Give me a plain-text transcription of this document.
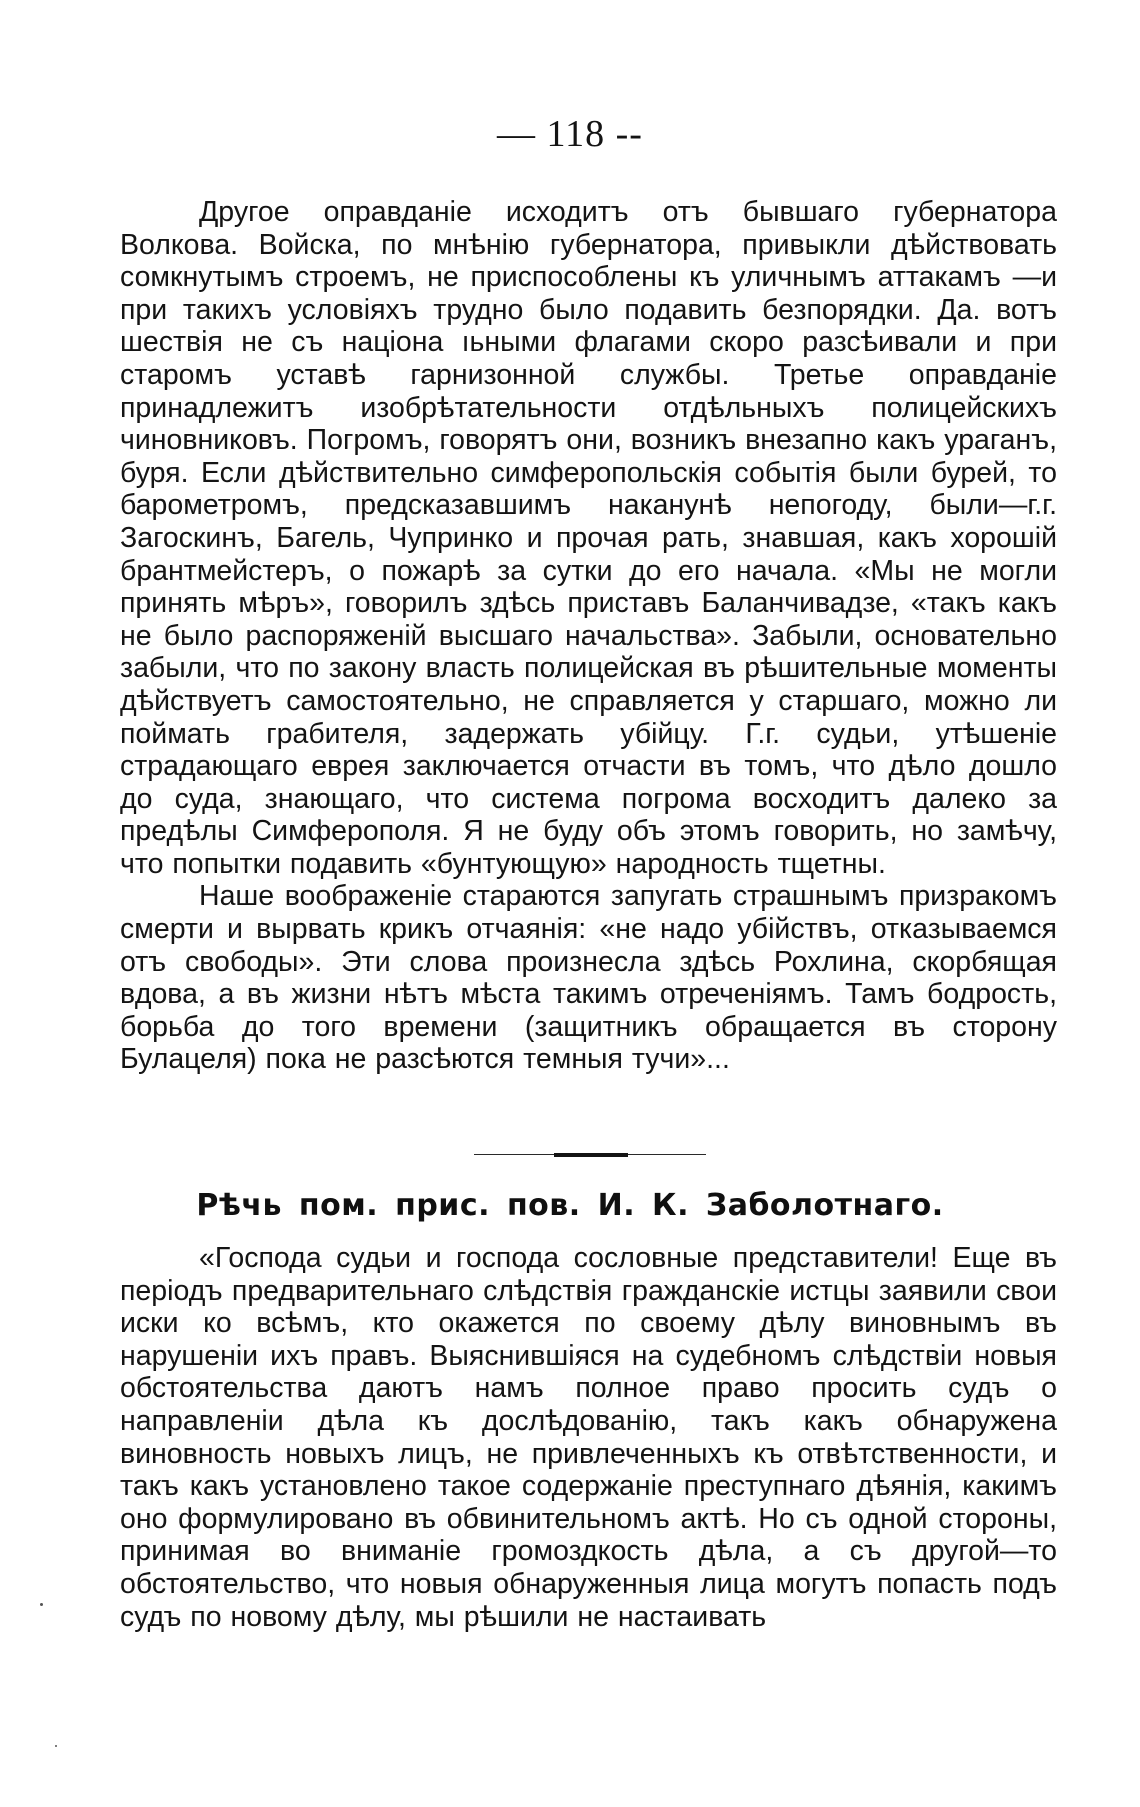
— 118 --

Другое оправданіе исходитъ отъ бывшаго губернатора Волкова. Войска, по мнѣнію губернатора, привыкли дѣйствовать сомкнутымъ строемъ, не приспособлены къ уличнымъ аттакамъ —и при такихъ условіяхъ трудно было подавить безпорядки. Да. вотъ шествія не съ націона ıьными флагами скоро разсѣивали и при старомъ уставѣ гарнизонной службы. Третье оправданіе принадлежитъ изобрѣтательности отдѣльныхъ полицейскихъ чиновниковъ. Погромъ, говорятъ они, возникъ внезапно какъ ураганъ, буря. Если дѣйствительно симферопольскія событія были бурей, то барометромъ, предсказавшимъ наканунѣ непогоду, были—г.г. Загоскинъ, Багель, Чупринко и прочая рать, знавшая, какъ хорошій брантмейстеръ, о пожарѣ за сутки до его начала. «Мы не могли принять мѣръ», говорилъ здѣсь приставъ Баланчивадзе, «такъ какъ не было распоряженій высшаго начальства». Забыли, основательно забыли, что по закону власть полицейская въ рѣшительные моменты дѣйствуетъ самостоятельно, не справляется у старшаго, можно ли поймать грабителя, задержать убійцу. Г.г. судьи, утѣшеніе страдающаго еврея заключается отчасти въ томъ, что дѣло дошло до суда, знающаго, что система погрома восходитъ далеко за предѣлы Симферополя. Я не буду объ этомъ говорить, но замѣчу, что попытки подавить «бунтующую» народность тщетны.

Наше воображеніе стараются запугать страшнымъ призракомъ смерти и вырвать крикъ отчаянія: «не надо убійствъ, отказываемся отъ свободы». Эти слова произнесла здѣсь Рохлина, скорбящая вдова, а въ жизни нѣтъ мѣста такимъ отреченіямъ. Тамъ бодрость, борьба до того времени (защитникъ обращается въ сторону Булацеля) пока не разсѣются темныя тучи»...

Рѣчь пом. прис. пов. И. К. Заболотнаго.

«Господа судьи и господа сословные представители! Еще въ періодъ предварительнаго слѣдствія гражданскіе истцы заявили свои иски ко всѣмъ, кто окажется по своему дѣлу виновнымъ въ нарушеніи ихъ правъ. Выяснившіяся на судебномъ слѣдствіи новыя обстоятельства даютъ намъ полное право просить судъ о направленіи дѣла къ дослѣдованію, такъ какъ обнаружена виновность новыхъ лицъ, не привлеченныхъ къ отвѣтственности, и такъ какъ установлено такое содержаніе преступнаго дѣянія, какимъ оно формулировано въ обвинительномъ актѣ. Но съ одной стороны, принимая во вниманіе громоздкость дѣла, а съ другой—то обстоятельство, что новыя обнаруженныя лица могутъ попасть подъ судъ по новому дѣлу, мы рѣшили не настаивать
